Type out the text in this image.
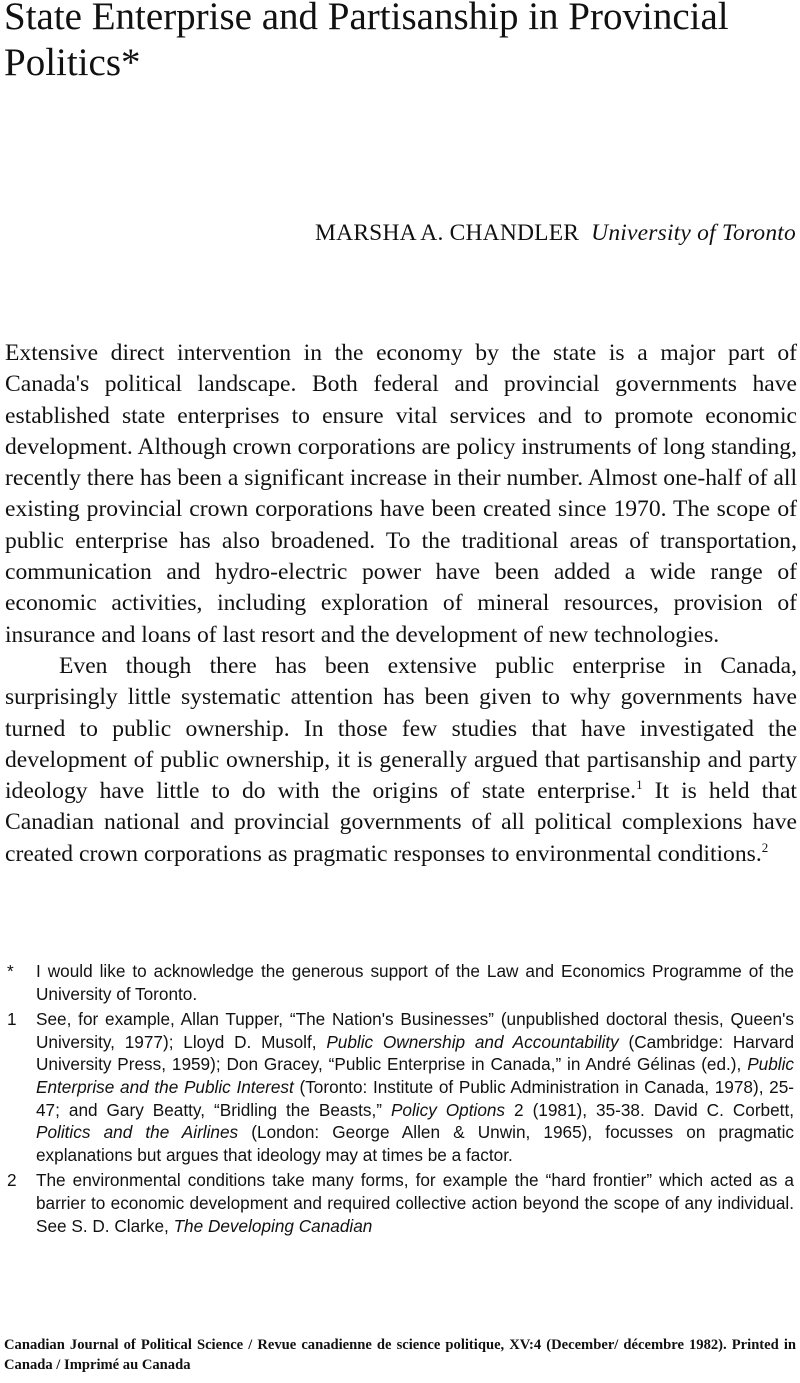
State Enterprise and Partisanship in Provincial Politics*
MARSHA A. CHANDLER University of Toronto

Extensive direct intervention in the economy by the state is a major part of Canada's political landscape. Both federal and provincial governments have established state enterprises to ensure vital services and to promote economic development. Although crown corporations are policy instruments of long standing, recently there has been a significant increase in their number. Almost one-half of all existing provincial crown corporations have been created since 1970. The scope of public enterprise has also broadened. To the traditional areas of transportation, communication and hydro-electric power have been added a wide range of economic activities, including exploration of mineral resources, provision of insurance and loans of last resort and the development of new technologies.

Even though there has been extensive public enterprise in Canada, surprisingly little systematic attention has been given to why governments have turned to public ownership. In those few studies that have investigated the development of public ownership, it is generally argued that partisanship and party ideology have little to do with the origins of state enterprise.$^1$ It is held that Canadian national and provincial governments of all political complexions have created crown corporations as pragmatic responses to environmental conditions.$^2$

* I would like to acknowledge the generous support of the Law and Economics Programme of the University of Toronto.
1 See, for example, Allan Tupper, “The Nation's Businesses” (unpublished doctoral thesis, Queen's University, 1977); Lloyd D. Musolf, Public Ownership and Accountability (Cambridge: Harvard University Press, 1959); Don Gracey, “Public Enterprise in Canada,” in André Gélinas (ed.), Public Enterprise and the Public Interest (Toronto: Institute of Public Administration in Canada, 1978), 25-47; and Gary Beatty, “Bridling the Beasts,” Policy Options 2 (1981), 35-38. David C. Corbett, Politics and the Airlines (London: George Allen & Unwin, 1965), focusses on pragmatic explanations but argues that ideology may at times be a factor.
2 The environmental conditions take many forms, for example the “hard frontier” which acted as a barrier to economic development and required collective action beyond the scope of any individual. See S. D. Clarke, The Developing Canadian

Canadian Journal of Political Science / Revue canadienne de science politique, XV:4 (December/ décembre 1982). Printed in Canada / Imprimé au Canada
